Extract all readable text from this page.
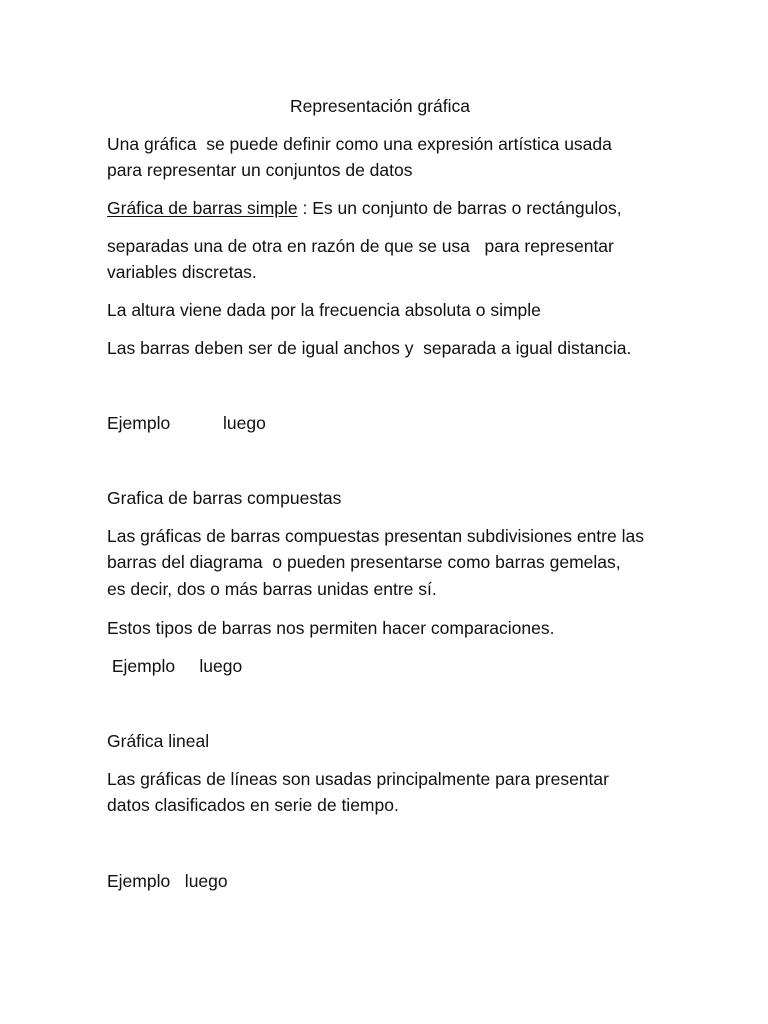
Representación gráfica

Una gráfica  se puede definir como una expresión artística usada

para representar un conjuntos de datos

Gráfica de barras simple : Es un conjunto de barras o rectángulos,

separadas una de otra en razón de que se usa   para representar

variables discretas.

La altura viene dada por la frecuencia absoluta o simple

Las barras deben ser de igual anchos y  separada a igual distancia.

Ejemplo	luego

Grafica de barras compuestas

Las gráficas de barras compuestas presentan subdivisiones entre las

barras del diagrama  o pueden presentarse como barras gemelas,

es decir, dos o más barras unidas entre sí.

Estos tipos de barras nos permiten hacer comparaciones.

Ejemplo     luego

Gráfica lineal

Las gráficas de líneas son usadas principalmente para presentar

datos clasificados en serie de tiempo.

Ejemplo   luego
